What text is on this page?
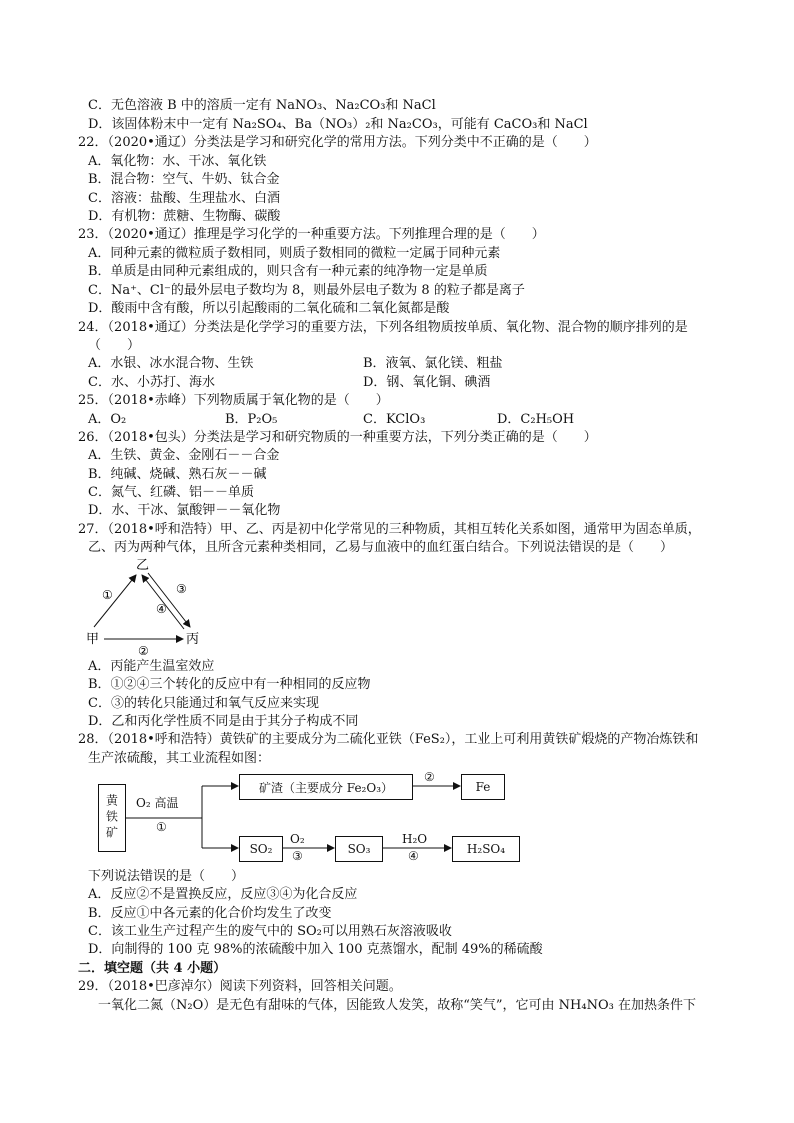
C．无色溶液 B 中的溶质一定有 NaNO₃、Na₂CO₃和 NaCl
D．该固体粉末中一定有 Na₂SO₄、Ba（NO₃）₂和 Na₂CO₃，可能有 CaCO₃和 NaCl
22．（2020•通辽）分类法是学习和研究化学的常用方法。下列分类中不正确的是（　　）
A．氧化物：水、干冰、氧化铁
B．混合物：空气、牛奶、钛合金
C．溶液：盐酸、生理盐水、白酒
D．有机物：蔗糖、生物酶、碳酸
23．（2020•通辽）推理是学习化学的一种重要方法。下列推理合理的是（　　）
A．同种元素的微粒质子数相同，则质子数相同的微粒一定属于同种元素
B．单质是由同种元素组成的，则只含有一种元素的纯净物一定是单质
C．Na⁺、Cl⁻的最外层电子数均为 8，则最外层电子数为 8 的粒子都是离子
D．酸雨中含有酸，所以引起酸雨的二氧化硫和二氧化氮都是酸
24．（2018•通辽）分类法是化学学习的重要方法，下列各组物质按单质、氧化物、混合物的顺序排列的是
（　　）
A．水银、冰水混合物、生铁	B．液氧、氯化镁、粗盐
C．水、小苏打、海水	D．钢、氧化铜、碘酒
25．（2018•赤峰）下列物质属于氧化物的是（　　）
A．O₂	B．P₂O₅	C．KClO₃	D．C₂H₅OH
26．（2018•包头）分类法是学习和研究物质的一种重要方法，下列分类正确的是（　　）
A．生铁、黄金、金刚石－－合金
B．纯碱、烧碱、熟石灰－－碱
C．氮气、红磷、铝－－单质
D．水、干冰、氯酸钾－－氧化物
27．（2018•呼和浩特）甲、乙、丙是初中化学常见的三种物质，其相互转化关系如图，通常甲为固态单质，
乙、丙为两种气体，且所含元素种类相同，乙易与血液中的血红蛋白结合。下列说法错误的是（　　）
乙
甲	丙
①
②
③
④
A．丙能产生温室效应
B．①②④三个转化的反应中有一种相同的反应物
C．③的转化只能通过和氧气反应来实现
D．乙和丙化学性质不同是由于其分子构成不同
28．（2018•呼和浩特）黄铁矿的主要成分为二硫化亚铁（FeS₂），工业上可利用黄铁矿煅烧的产物冶炼铁和
生产浓硫酸，其工业流程如图：
黄铁矿	O₂ 高温
①
矿渣（主要成分 Fe₂O₃）
②
Fe
SO₂
O₂
③	SO₃
H₂O
④	H₂SO₄
下列说法错误的是（　　）
A．反应②不是置换反应，反应③④为化合反应
B．反应①中各元素的化合价均发生了改变
C．该工业生产过程产生的废气中的 SO₂可以用熟石灰溶液吸收
D．向制得的 100 克 98%的浓硫酸中加入 100 克蒸馏水，配制 49%的稀硫酸
二．填空题（共 4 小题）
29．（2018•巴彦淖尔）阅读下列资料，回答相关问题。
一氧化二氮（N₂O）是无色有甜味的气体，因能致人发笑，故称“笑气”，它可由 NH₄NO₃ 在加热条件下
